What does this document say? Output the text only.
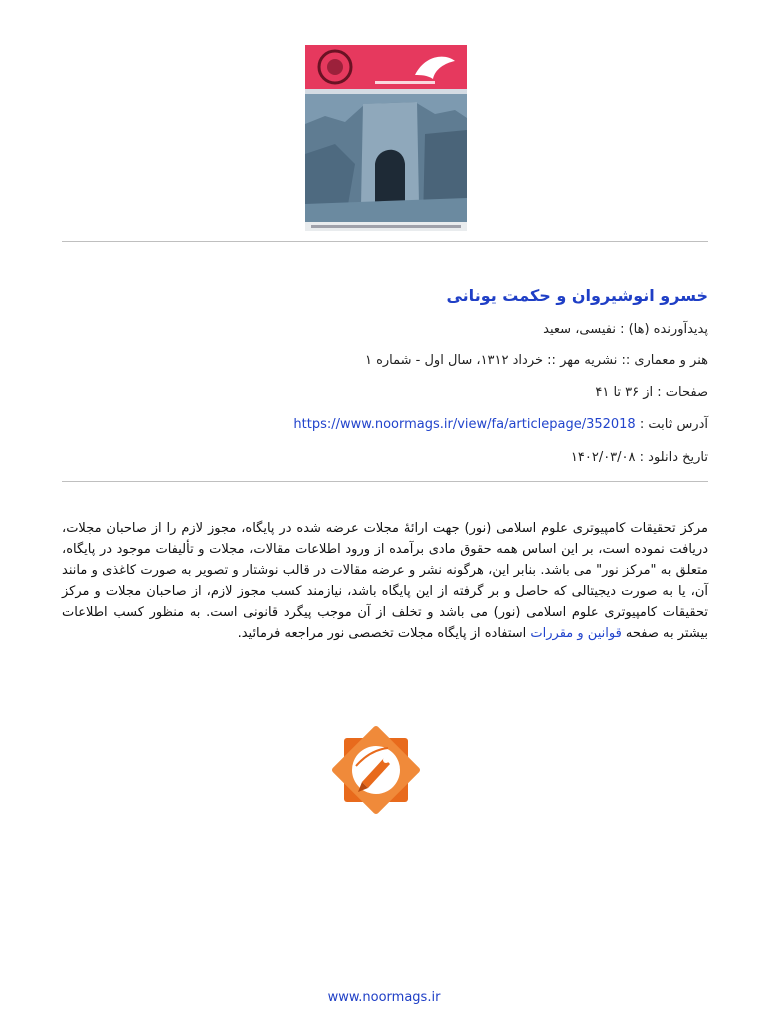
خسرو انوشیروان و حکمت یونانی
پدیدآورنده (ها) : نفیسی، سعید
هنر و معماری :: نشریه مهر :: خرداد ۱۳۱۲، سال اول - شماره ۱
صفحات : از ۳۶ تا ۴۱
آدرس ثابت : https://www.noormags.ir/view/fa/articlepage/352018
تاریخ دانلود : ۱۴۰۲/۰۳/۰۸
مرکز تحقیقات کامپیوتری علوم اسلامی (نور) جهت ارائهٔ مجلات عرضه شده در پایگاه، مجوز لازم را از صاحبان مجلات، دریافت نموده است، بر این اساس همه حقوق مادی برآمده از ورود اطلاعات مقالات، مجلات و تألیفات موجود در پایگاه، متعلق به "مرکز نور" می باشد. بنابر این، هرگونه نشر و عرضه مقالات در قالب نوشتار و تصویر به صورت کاغذی و مانند آن، یا به صورت دیجیتالی که حاصل و بر گرفته از این پایگاه باشد، نیازمند کسب مجوز لازم، از صاحبان مجلات و مرکز تحقیقات کامپیوتری علوم اسلامی (نور) می باشد و تخلف از آن موجب پیگرد قانونی است. به منظور کسب اطلاعات بیشتر به صفحه قوانین و مقررات استفاده از پایگاه مجلات تخصصی نور مراجعه فرمائید.
www.noormags.ir
